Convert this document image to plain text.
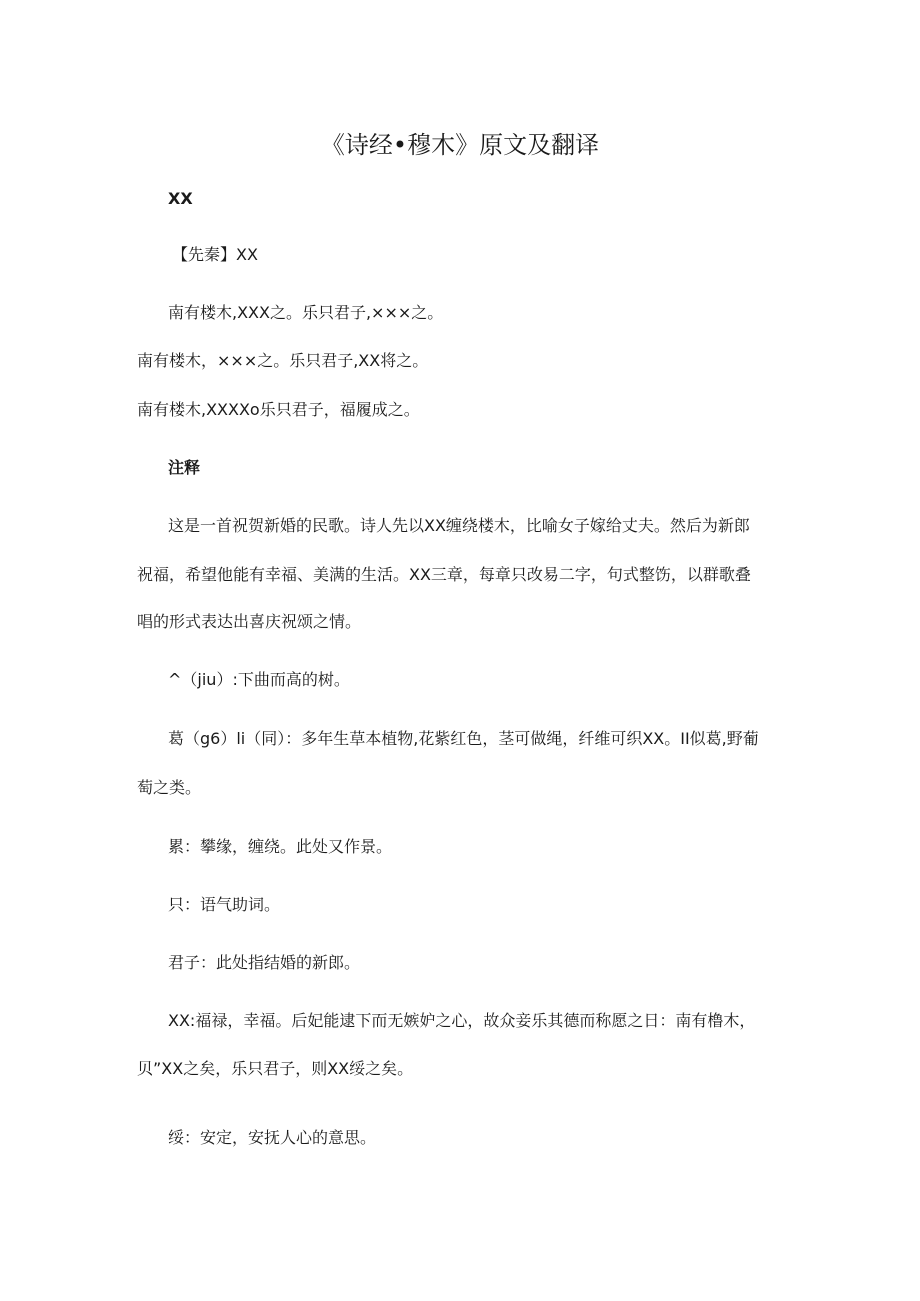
《诗经•穆木》原文及翻译

XX

【先秦】XX

南有楼木,XXX之。乐只君子,×××之。

南有楼木，×××之。乐只君子,XX将之。

南有楼木,XXXXo乐只君子，福履成之。

注释

这是一首祝贺新婚的民歌。诗人先以XX缠绕楼木，比喻女子嫁给丈夫。然后为新郎

祝福，希望他能有幸福、美满的生活。XX三章，每章只改易二字，句式整饬，以群歌叠

唱的形式表达出喜庆祝颂之情。

^（jiu）:下曲而高的树。

葛（g6）li（同）：多年生草本植物,花紫红色，茎可做绳，纤维可织XX。II似葛,野葡

萄之类。

累：攀缘，缠绕。此处又作景。

只：语气助词。

君子：此处指结婚的新郎。

XX:福禄，幸福。后妃能逮下而无嫉妒之心，故众妾乐其德而称愿之日：南有橹木，

贝”XX之矣，乐只君子，则XX绥之矣。

绥：安定，安抚人心的意思。
